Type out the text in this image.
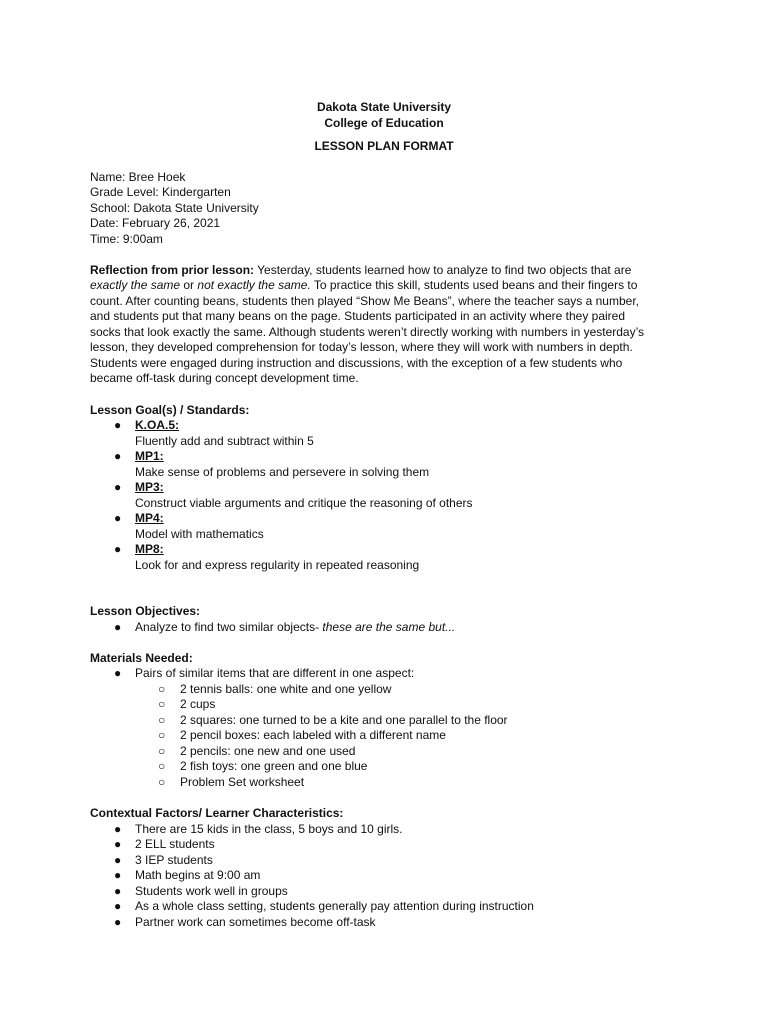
Dakota State University
College of Education
LESSON PLAN FORMAT
Name: Bree Hoek
Grade Level: Kindergarten
School: Dakota State University
Date: February 26, 2021
Time: 9:00am
Reflection from prior lesson: Yesterday, students learned how to analyze to find two objects that are
exactly the same or not exactly the same. To practice this skill, students used beans and their fingers to
count. After counting beans, students then played “Show Me Beans”, where the teacher says a number,
and students put that many beans on the page. Students participated in an activity where they paired
socks that look exactly the same. Although students weren’t directly working with numbers in yesterday’s
lesson, they developed comprehension for today’s lesson, where they will work with numbers in depth.
Students were engaged during instruction and discussions, with the exception of a few students who
became off-task during concept development time.
Lesson Goal(s) / Standards:
● K.OA.5:
Fluently add and subtract within 5
● MP1:
Make sense of problems and persevere in solving them
● MP3:
Construct viable arguments and critique the reasoning of others
● MP4:
Model with mathematics
● MP8:
Look for and express regularity in repeated reasoning
Lesson Objectives:
● Analyze to find two similar objects- these are the same but...
Materials Needed:
● Pairs of similar items that are different in one aspect:
○ 2 tennis balls: one white and one yellow
○ 2 cups
○ 2 squares: one turned to be a kite and one parallel to the floor
○ 2 pencil boxes: each labeled with a different name
○ 2 pencils: one new and one used
○ 2 fish toys: one green and one blue
○ Problem Set worksheet
Contextual Factors/ Learner Characteristics:
● There are 15 kids in the class, 5 boys and 10 girls.
● 2 ELL students
● 3 IEP students
● Math begins at 9:00 am
● Students work well in groups
● As a whole class setting, students generally pay attention during instruction
● Partner work can sometimes become off-task
